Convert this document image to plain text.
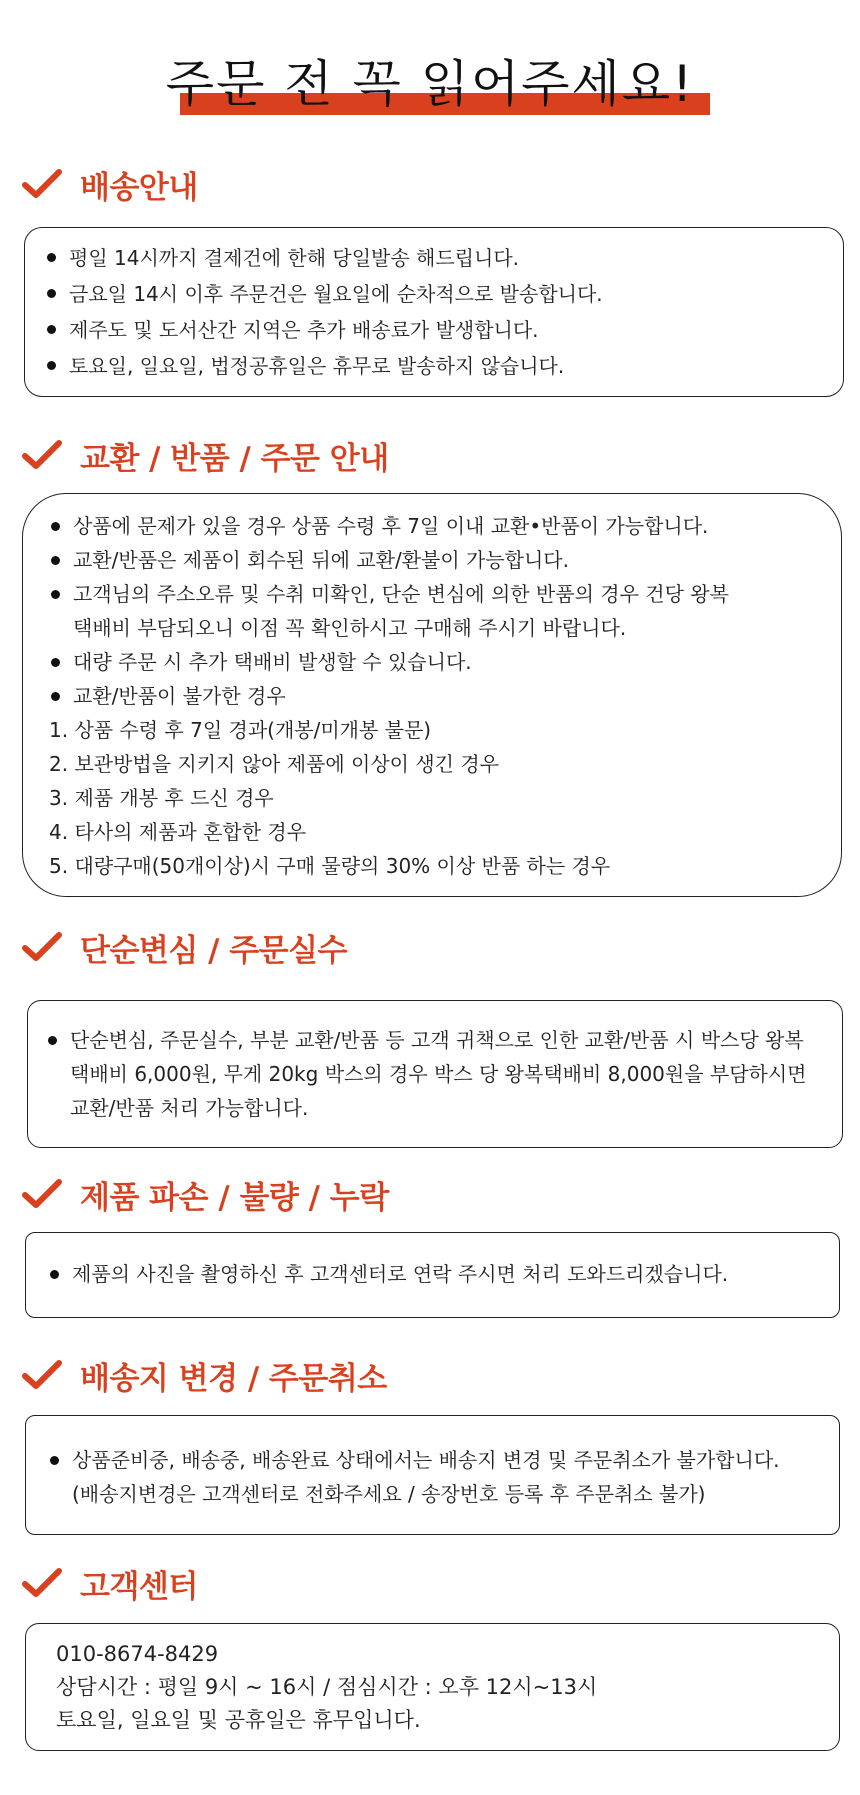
주문 전 꼭 읽어주세요!
배송안내
평일 14시까지 결제건에 한해 당일발송 해드립니다.
금요일 14시 이후 주문건은 월요일에 순차적으로 발송합니다.
제주도 및 도서산간 지역은 추가 배송료가 발생합니다.
토요일, 일요일, 법정공휴일은 휴무로 발송하지 않습니다.
교환 / 반품 / 주문 안내
상품에 문제가 있을 경우 상품 수령 후 7일 이내 교환•반품이 가능합니다.
교환/반품은 제품이 회수된 뒤에 교환/환불이 가능합니다.
고객님의 주소오류 및 수취 미확인, 단순 변심에 의한 반품의 경우 건당 왕복
택배비 부담되오니 이점 꼭 확인하시고 구매해 주시기 바랍니다.
대량 주문 시 추가 택배비 발생할 수 있습니다.
교환/반품이 불가한 경우
1. 상품 수령 후 7일 경과(개봉/미개봉 불문)
2. 보관방법을 지키지 않아 제품에 이상이 생긴 경우
3. 제품 개봉 후 드신 경우
4. 타사의 제품과 혼합한 경우
5. 대량구매(50개이상)시 구매 물량의 30% 이상 반품 하는 경우
단순변심 / 주문실수
단순변심, 주문실수, 부분 교환/반품 등 고객 귀책으로 인한 교환/반품 시 박스당 왕복
택배비 6,000원, 무게 20kg 박스의 경우 박스 당 왕복택배비 8,000원을 부담하시면
교환/반품 처리 가능합니다.
제품 파손 / 불량 / 누락
제품의 사진을 촬영하신 후 고객센터로 연락 주시면 처리 도와드리겠습니다.
배송지 변경 / 주문취소
상품준비중, 배송중, 배송완료 상태에서는 배송지 변경 및 주문취소가 불가합니다.
(배송지변경은 고객센터로 전화주세요 / 송장번호 등록 후 주문취소 불가)
고객센터
010-8674-8429
상담시간 : 평일 9시 ~ 16시 / 점심시간 : 오후 12시~13시
토요일, 일요일 및 공휴일은 휴무입니다.
